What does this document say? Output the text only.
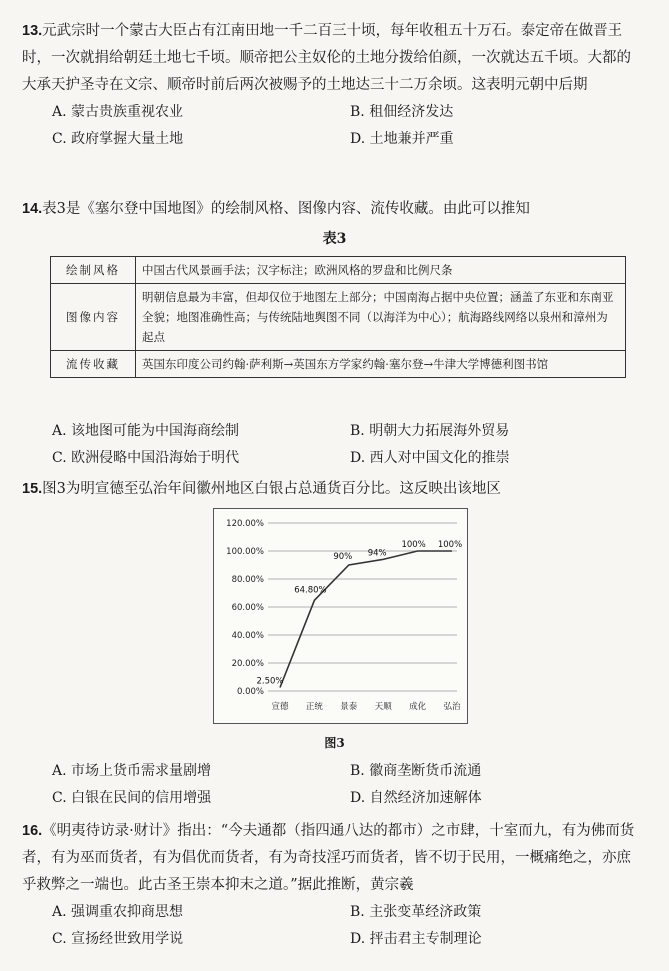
13.元武宗时一个蒙古大臣占有江南田地一千二百三十顷，每年收租五十万石。泰定帝在做晋王时，一次就捐给朝廷土地七千顷。顺帝把公主奴伦的土地分拨给伯颜，一次就达五千顷。大都的大承天护圣寺在文宗、顺帝时前后两次被赐予的土地达三十二万余顷。这表明元朝中后期
A. 蒙古贵族重视农业	B. 租佃经济发达
C. 政府掌握大量土地	D. 土地兼并严重
14.表3是《塞尔登中国地图》的绘制风格、图像内容、流传收藏。由此可以推知
表3
绘制风格	中国古代风景画手法；汉字标注；欧洲风格的罗盘和比例尺条
图像内容	明朝信息最为丰富，但却仅位于地图左上部分；中国南海占据中央位置；涵盖了东亚和东南亚全貌；地图准确性高；与传统陆地舆图不同（以海洋为中心）；航海路线网络以泉州和漳州为起点
流传收藏	英国东印度公司约翰·萨利斯→英国东方学家约翰·塞尔登→牛津大学博德利图书馆
A. 该地图可能为中国海商绘制	B. 明朝大力拓展海外贸易
C. 欧洲侵略中国沿海始于明代	D. 西人对中国文化的推崇
15.图3为明宣德至弘治年间徽州地区白银占总通货百分比。这反映出该地区
0.00%
20.00%
40.00%
60.00%
80.00%
100.00%
120.00%
宣德 正统 景泰 天顺 成化 弘治
2.50%
64.80%
90% 94%
100% 100%
图3
A. 市场上货币需求量剧增	B. 徽商垄断货币流通
C. 白银在民间的信用增强	D. 自然经济加速解体
16.《明夷待访录·财计》指出：“今夫通都（指四通八达的都市）之市肆，十室而九，有为佛而货者，有为巫而货者，有为倡优而货者，有为奇技淫巧而货者，皆不切于民用，一概痛绝之，亦庶乎救弊之一端也。此古圣王崇本抑末之道。”据此推断，黄宗羲
A. 强调重农抑商思想	B. 主张变革经济政策
C. 宣扬经世致用学说	D. 抨击君主专制理论
